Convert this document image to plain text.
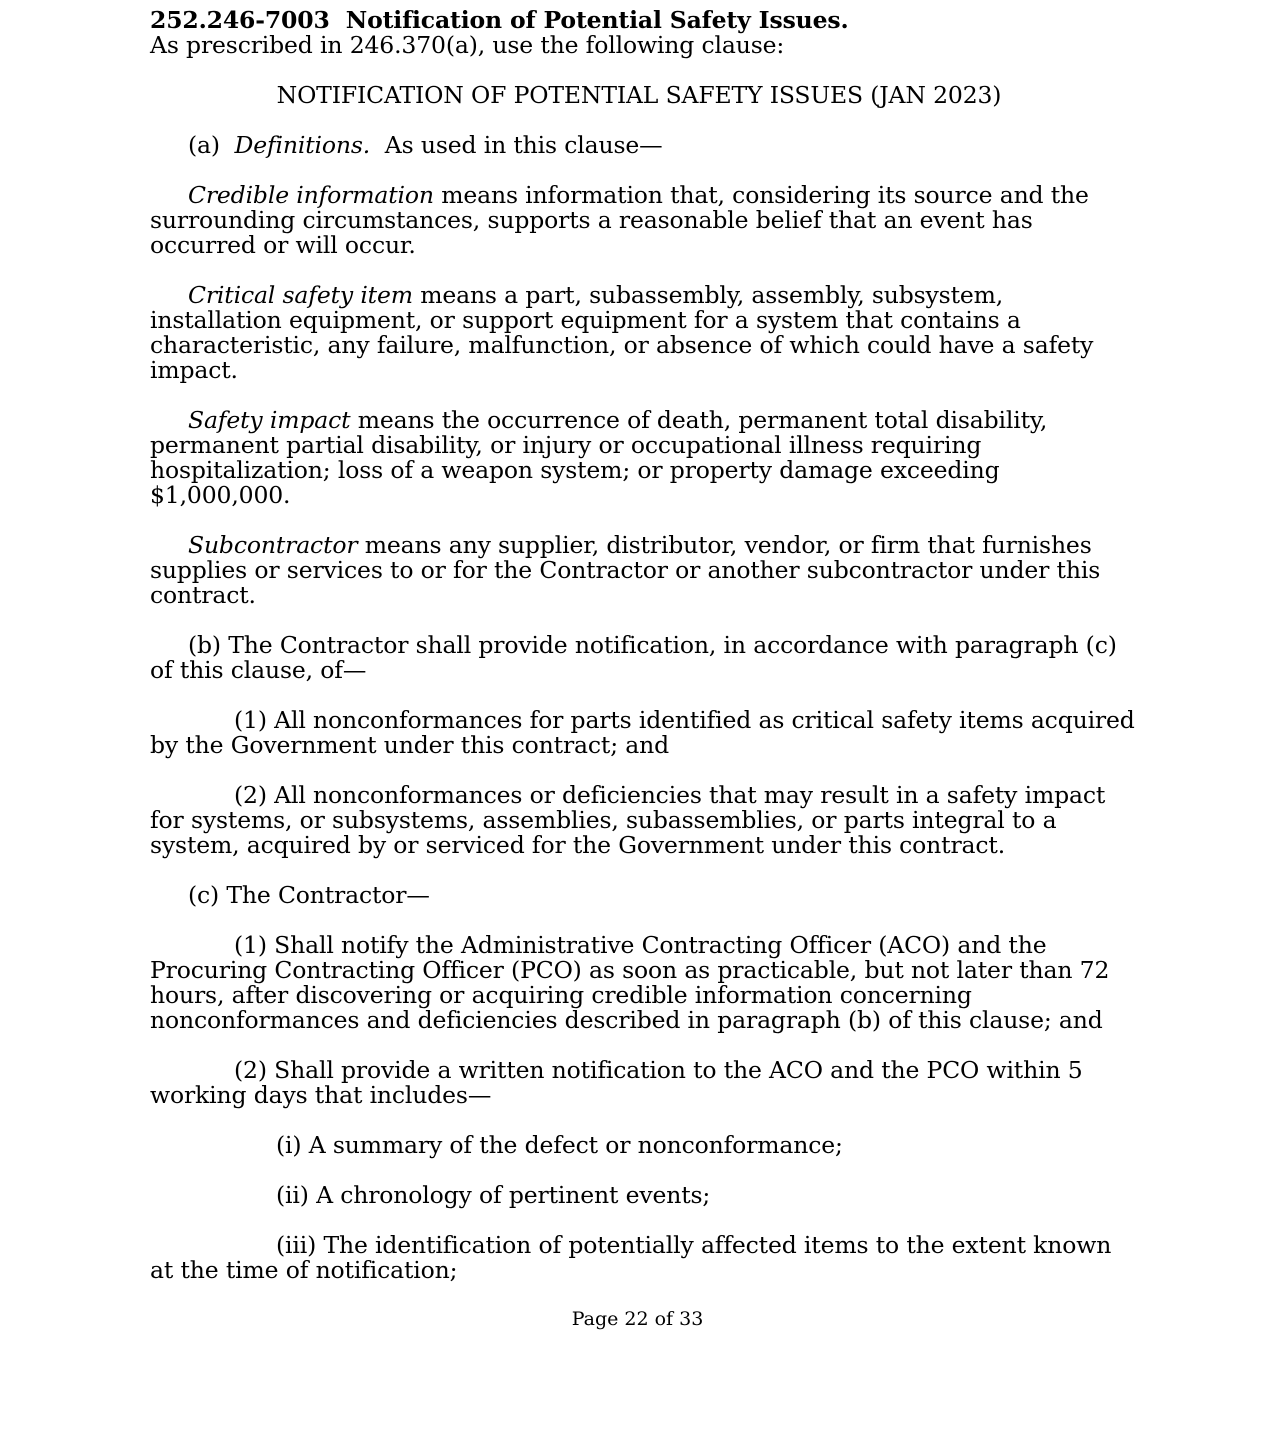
252.246-7003 Notification of Potential Safety Issues.
As prescribed in 246.370(a), use the following clause:
NOTIFICATION OF POTENTIAL SAFETY ISSUES (JAN 2023)
(a) Definitions. As used in this clause—
Credible information means information that, considering its source and the surrounding circumstances, supports a reasonable belief that an event has occurred or will occur.
Critical safety item means a part, subassembly, assembly, subsystem, installation equipment, or support equipment for a system that contains a characteristic, any failure, malfunction, or absence of which could have a safety impact.
Safety impact means the occurrence of death, permanent total disability, permanent partial disability, or injury or occupational illness requiring hospitalization; loss of a weapon system; or property damage exceeding $1,000,000.
Subcontractor means any supplier, distributor, vendor, or firm that furnishes supplies or services to or for the Contractor or another subcontractor under this contract.
(b) The Contractor shall provide notification, in accordance with paragraph (c) of this clause, of—
(1) All nonconformances for parts identified as critical safety items acquired by the Government under this contract; and
(2) All nonconformances or deficiencies that may result in a safety impact for systems, or subsystems, assemblies, subassemblies, or parts integral to a system, acquired by or serviced for the Government under this contract.
(c) The Contractor—
(1) Shall notify the Administrative Contracting Officer (ACO) and the Procuring Contracting Officer (PCO) as soon as practicable, but not later than 72 hours, after discovering or acquiring credible information concerning nonconformances and deficiencies described in paragraph (b) of this clause; and
(2) Shall provide a written notification to the ACO and the PCO within 5 working days that includes—
(i) A summary of the defect or nonconformance;
(ii) A chronology of pertinent events;
(iii) The identification of potentially affected items to the extent known at the time of notification;
Page 22 of 33
